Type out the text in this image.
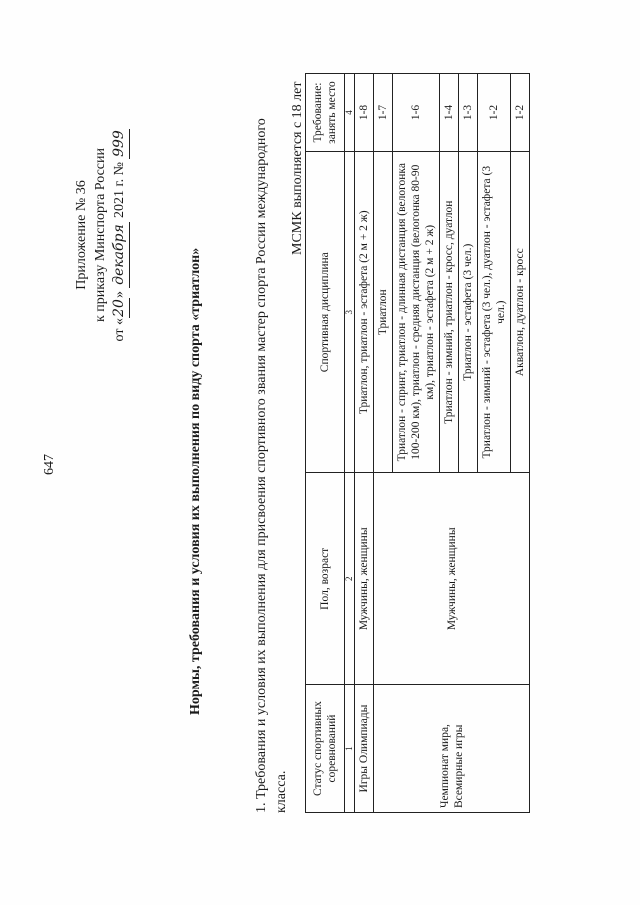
647
Приложение № 36 к приказу Минспорта России
от «20» декабря 2021 г. № 999
Нормы, требования и условия их выполнения по виду спорта «триатлон»	1. Требования и условия их выполнения для присвоения спортивного звания мастер спорта России международного класса.
МСМК выполняется с 18 лет
Статус спортивных соревнований	Пол, возраст	Спортивная дисциплина	Требование: занять место
1	2	3	4
Игры Олимпиады	Мужчины, женщины	Триатлон, триатлон - эстафета (2 м + 2 ж)	1-8
Чемпионат мира, Всемирные игры	Мужчины, женщины	Триатлон	1-7
		Триатлон - спринт, триатлон - длинная дистанция (велогонка 100-200 км), триатлон - средняя дистанция (велогонка 80-90 км), триатлон - эстафета (2 м + 2 ж)	1-6
		Триатлон - зимний, триатлон - кросс, дуатлон	1-4
		Триатлон - эстафета (3 чел.)	1-3
		Триатлон - зимний - эстафета (3 чел.), дуатлон - эстафета (3 чел.)	1-2
		Акватлон, дуатлон - кросс	1-2
